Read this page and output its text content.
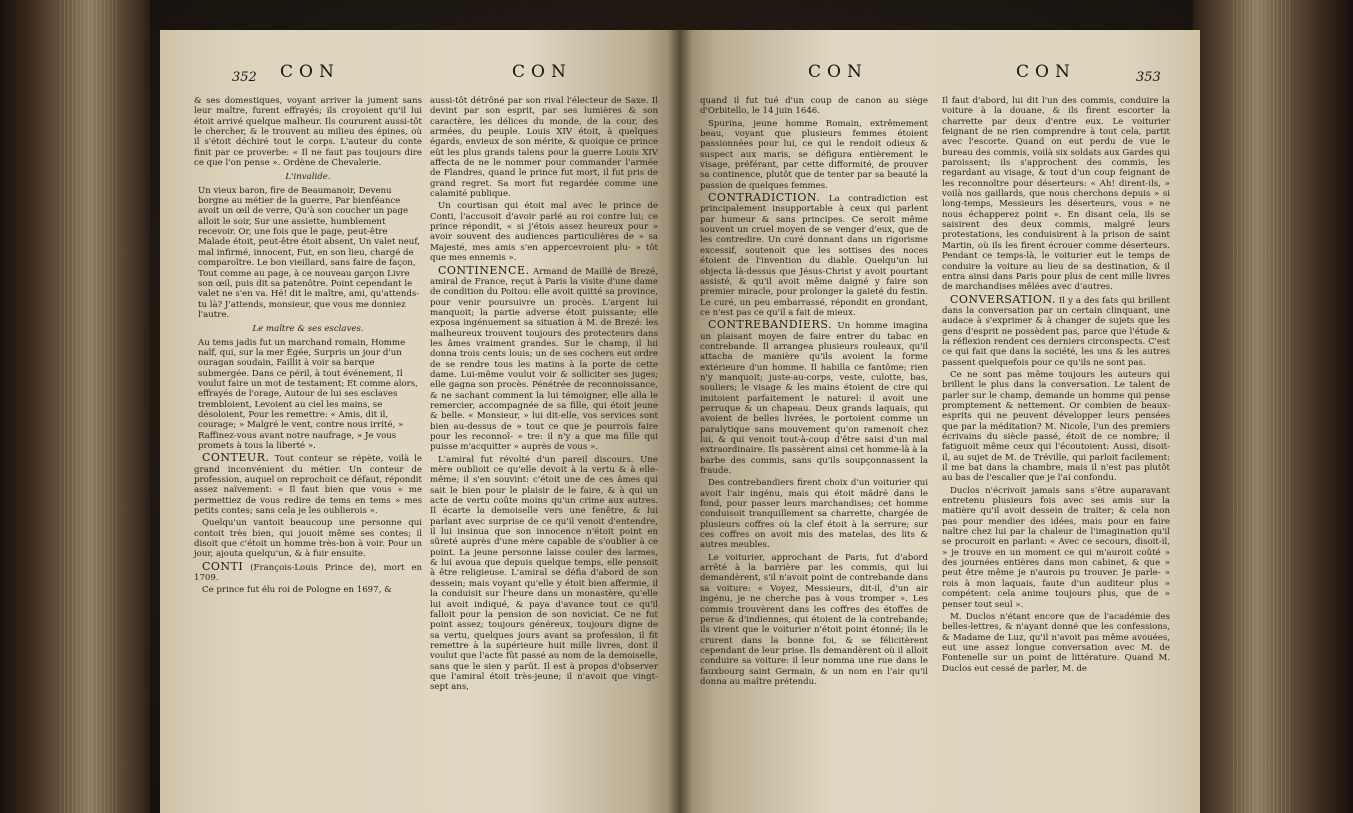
352 CON	CON

& ses domestiques, voyant arriver la jument sans leur maître, furent effrayés; ils croyoient qu'il lui étoit arrivé quelque malheur. Ils coururent aussi-tôt le chercher, & le trouvent au milieu des épines, où il s'étoit déchiré tout le corps. L'auteur du conte finit par ce proverbe: « Il ne faut pas toujours dire ce que l'on pense ». Ordène de Chevalerie.

L'invalide.

Un vieux baron, fire de Beaumanoir, Devenu borgne au métier de la guerre, Par bienféance avoit un œil de verre, Qu'à son coucher un page alloit le soir, Sur une assiette, humblement recevoir. Or, une fois que le page, peut-être Malade étoit, peut-être étoit absent, Un valet neuf, mal infirmé, innocent, Fut, en son lieu, chargé de comparoître. Le bon vieillard, sans faire de façon, Tout comme au page, à ce nouveau garçon Livre son œil, puis dit sa patenôtre. Point cependant le valet ne s'en va. Hé! dit le maître, ami, qu'attends-tu là? J'attends, monsieur, que vous me donniez l'autre.

Le maître & ses esclaves.

Au tems jadis fut un marchand romain, Homme naïf, qui, sur la mer Égée, Surpris un jour d'un ouragan soudain, Faillit à voir sa barque submergée. Dans ce péril, à tout événement, Il voulut faire un mot de testament; Et comme alors, effrayés de l'orage, Autour de lui ses esclaves trembloient, Levoient au ciel les mains, se désoloient, Pour les remettre: « Amis, dit il, courage; » Malgré le vent, contre nous irrité, » Raffinez-vous avant notre naufrage, » Je vous promets à tous la liberté ».

CONTEUR. Tout conteur se répète, voilà le grand inconvénient du métier. Un conteur de profession, auquel on reprochoit ce défaut, répondit assez naïvement: « Il faut bien que vous » me permettiez de vous redire de tems en tems » mes petits contes; sans cela je les oublierois ».

Quelqu'un vantoit beaucoup une personne qui contoit très bien, qui jouoit même ses contes; il disoit que c'étoit un homme très-bon à voir. Pour un jour, ajouta quelqu'un, & à fuir ensuite.

CONTI (François-Louis Prince de), mort en 1709.

Ce prince fut élu roi de Pologne en 1697, &

aussi-tôt détrôné par son rival l'électeur de Saxe. Il devint par son esprit, par ses lumières & son caractère, les délices du monde, de la cour, des armées, du peuple. Louis XIV étoit, à quelques égards, envieux de son mérite, & quoique ce prince eût les plus grands talens pour la guerre Louis XIV affecta de ne le nommer pour commander l'armée de Flandres, quand le prince fut mort, il fut pris de grand regret. Sa mort fut regardée comme une calamité publique.

Un courtisan qui étoit mal avec le prince de Conti, l'accusoit d'avoir parlé au roi contre lui; ce prince répondit, « si j'étois assez heureux pour » avoir souvent des audiences particulières de » sa Majesté, mes amis s'en appercevroient plu- » tôt que mes ennemis ».

CONTINENCE. Armand de Maillé de Brezé, amiral de France, reçut à Paris la visite d'une dame de condition du Poitou: elle avoit quitté sa province, pour venir poursuivre un procès. L'argent lui manquoit; la partie adverse étoit puissante; elle exposa ingénuement sa situation à M. de Brezé: les malheureux trouvent toujours des protecteurs dans les âmes vraiment grandes. Sur le champ, il lui donna trois cents louis; un de ses cochers eut ordre de se rendre tous les matins à la porte de cette dame. Lui-même voulut voir & solliciter ses juges; elle gagna son procès. Pénétrée de reconnoissance, & ne sachant comment la lui témoigner, elle alla le remercier, accompagnée de sa fille, qui étoit jeune & belle. « Monsieur, » lui dit-elle, vos services sont bien au-dessus de » tout ce que je pourrois faire pour les reconnoî- » tre: il n'y a que ma fille qui puisse m'acquitter » auprès de vous ».

L'amiral fut révolté d'un pareil discours. Une mère oublioit ce qu'elle devoit à la vertu & à elle-même; il s'en souvint: c'étoit une de ces âmes qui sait le bien pour le plaisir de le faire, & à qui un acte de vertu coûte moins qu'un crime aux autres. Il écarte la demoiselle vers une fenêtre, & lui parlant avec surprise de ce qu'il venoit d'entendre, il lui insinua que son innocence n'étoit point en sûreté auprès d'une mère capable de s'oublier à ce point. La jeune personne laisse couler des larmes, & lui avoua que depuis quelque temps, elle pensoit à être religieuse. L'amiral se défia d'abord de son dessein; mais voyant qu'elle y étoit bien affermie, il la conduisit sur l'heure dans un monastère, qu'elle lui avoit indiqué, & paya d'avance tout ce qu'il falloit pour la pension de son noviciat. Ce ne fut point assez; toujours généreux, toujours digne de sa vertu, quelques jours avant sa profession, il fit remettre à la supérieure huit mille livres, dont il voulut que l'acte fût passé au nom de la demoiselle, sans que le sien y parût. Il est à propos d'observer que l'amiral étoit très-jeune; il n'avoit que vingt-sept ans,

CON	CON	353

quand il fut tué d'un coup de canon au siège d'Orbitello, le 14 juin 1646.

Spurina, jeune homme Romain, extrêmement beau, voyant que plusieurs femmes étoient passionnées pour lui, ce qui le rendoit odieux & suspect aux maris, se défigura entièrement le visage, préférant, par cette difformité, de prouver sa continence, plutôt que de tenter par sa beauté la passion de quelques femmes.

CONTRADICTION. La contradiction est principalement insupportable à ceux qui parlent par humeur & sans principes. Ce seroit même souvent un cruel moyen de se venger d'eux, que de les contredire. Un curé donnant dans un rigorisme excessif, soutenoit que les sottises des noces étoient de l'invention du diable. Quelqu'un lui objecta là-dessus que Jésus-Christ y avoit pourtant assisté, & qu'il avoit même daigné y faire son premier miracle, pour prolonger la gaieté du festin. Le curé, un peu embarrassé, répondit en grondant, ce n'est pas ce qu'il a fait de mieux.

CONTREBANDIERS. Un homme imagina un plaisant moyen de faire entrer du tabac en contrebande. Il arrangea plusieurs rouleaux, qu'il attacha de manière qu'ils avoient la forme extérieure d'un homme. Il habilla ce fantôme; rien n'y manquoit; juste-au-corps, veste, culotte, bas, souliers; le visage & les mains étoient de cire qui imitoient parfaitement le naturel: il avoit une perruque & un chapeau. Deux grands laquais, qui avoient de belles livrées, le portoient comme un paralytique sans mouvement qu'on ramenoit chez lui, & qui venoit tout-à-coup d'être saisi d'un mal extraordinaire. Ils passèrent ainsi cet homme-là à la barbe des commis, sans qu'ils soupçonnassent la fraude.

Des contrebandiers firent choix d'un voiturier qui avoit l'air ingénu, mais qui étoit mâdré dans le fond, pour passer leurs marchandises; cet homme conduisoit tranquillement sa charrette, chargée de plusieurs coffres où la clef étoit à la serrure; sur ces coffres on avoit mis des matelas, des lits & autres meubles.

Le voiturier, approchant de Paris, fut d'abord arrêté à la barrière par les commis, qui lui demandèrent, s'il n'avoit point de contrebande dans sa voiture: « Voyez, Messieurs, dit-il, d'un air ingénu, je ne cherche pas à vous tromper ». Les commis trouvèrent dans les coffres des étoffes de perse & d'indiennes, qui étoient de la contrebande; ils virent que le voiturier n'étoit point étonné; ils le crurent dans la bonne foi, & se félicitèrent cependant de leur prise. Ils demandèrent où il alloit conduire sa voiture: il leur nomma une rue dans le fauxbourg saint Germain, & un nom en l'air qu'il donna au maître prétendu.

Il faut d'abord, lui dit l'un des commis, conduire la voiture à la douane, & ils firent escorter la charrette par deux d'entre eux. Le voiturier feignant de ne rien comprendre à tout cela, partit avec l'escorte. Quand on eut perdu de vue le bureau des commis, voilà six soldats aux Gardes qui paroissent; ils s'approchent des commis, les regardant au visage, & tout d'un coup feignant de les reconnoître pour déserteurs: « Ah! dirent-ils, » voilà nos gaillards, que nous cherchons depuis » si long-temps, Messieurs les déserteurs, vous » ne nous échapperez point ». En disant cela, ils se saisirent des deux commis, malgré leurs protestations, les conduisirent à la prison de saint Martin, où ils les firent écrouer comme déserteurs. Pendant ce temps-là, le voiturier eut le temps de conduire la voiture au lieu de sa destination, & il entra ainsi dans Paris pour plus de cent mille livres de marchandises mêlées avec d'autres.

CONVERSATION. Il y a des fats qui brillent dans la conversation par un certain clinquant, une audace à s'exprimer & à changer de sujets que les gens d'esprit ne possèdent pas, parce que l'étude & la réflexion rendent ces derniers circonspects. C'est ce qui fait que dans la société, les uns & les autres passent quelquefois pour ce qu'ils ne sont pas.

Ce ne sont pas même toujours les auteurs qui brillent le plus dans la conversation. Le talent de parler sur le champ, demande un homme qui pense promptement & nettement. Or combien de beaux-esprits qui ne peuvent développer leurs pensées que par la méditation? M. Nicole, l'un des premiers écrivains du siècle passé, étoit de ce nombre; il fatiguoit même ceux qui l'écoutoient: Aussi, disoit-il, au sujet de M. de Tréville, qui parloit facilement: il me bat dans la chambre, mais il n'est pas plutôt au bas de l'escalier que je l'ai confondu.

Duclos n'écrivoit jamais sans s'être auparavant entretenu plusieurs fois avec ses amis sur la matière qu'il avoit dessein de traiter; & cela non pas pour mendier des idées, mais pour en faire naître chez lui par la chaleur de l'imagination qu'il se procuroit en parlant: « Avec ce secours, disoit-il, » je trouve en un moment ce qui m'auroit coûté » des journées entières dans mon cabinet, & que » peut être même je n'aurois pu trouver. Je parle- » rois à mon laquais, faute d'un auditeur plus » compétent: cela anime toujours plus, que de » penser tout seul ».

M. Duclos n'étant encore que de l'académie des belles-lettres, & n'ayant donné que les confessions, & Madame de Luz, qu'il n'avoit pas même avouées, eut une assez longue conversation avec M. de Fontenelle sur un point de littérature. Quand M. Duclos eut cessé de parler, M. de
